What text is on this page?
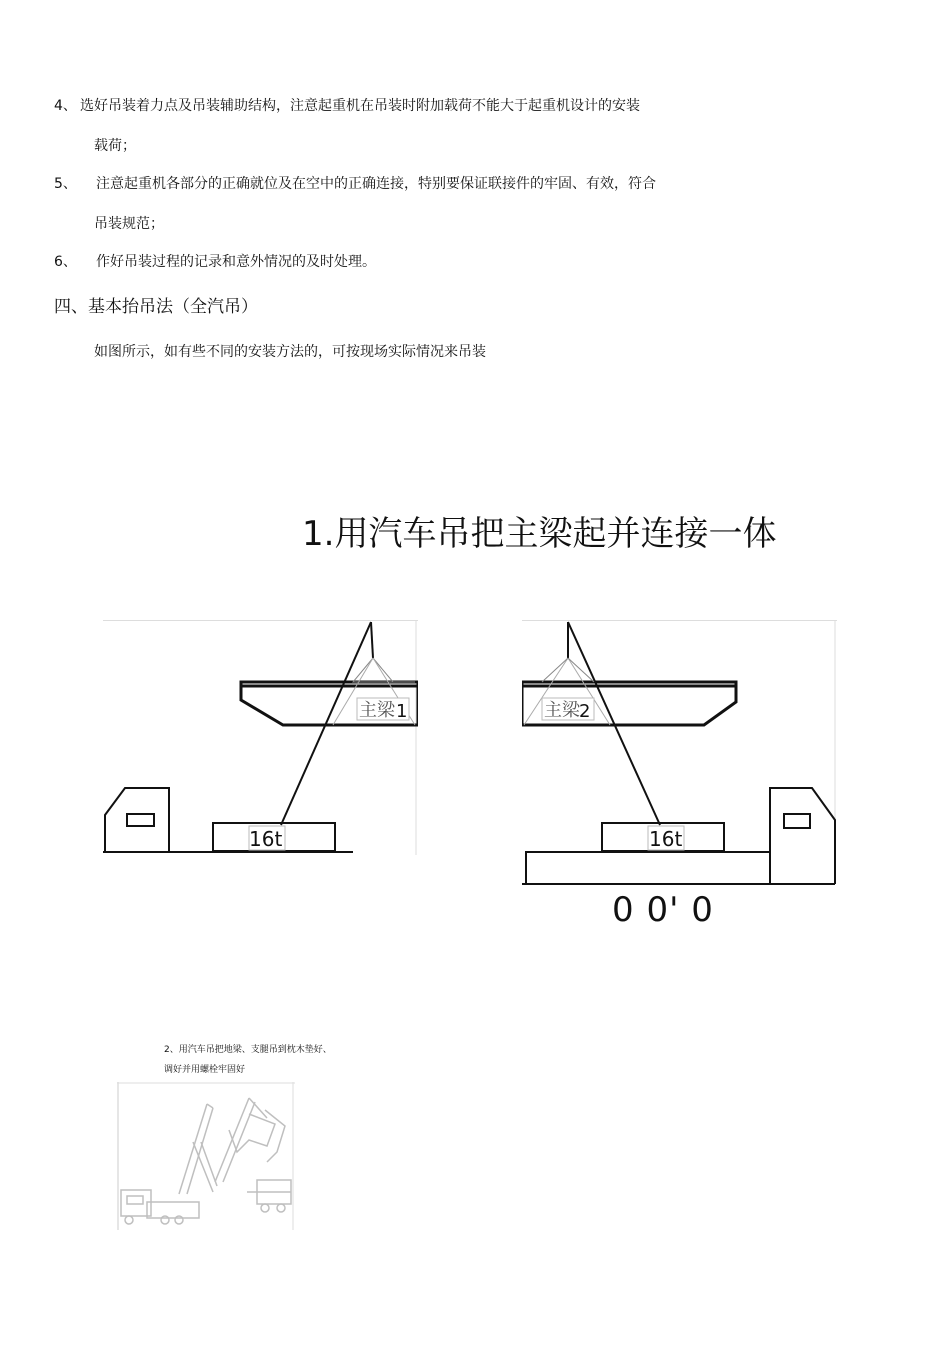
4、 选好吊装着力点及吊装辅助结构，注意起重机在吊装时附加载荷不能大于起重机设计的安装
载荷；
5、 注意起重机各部分的正确就位及在空中的正确连接，特别要保证联接件的牢固、有效，符合
吊装规范；
6、 作好吊装过程的记录和意外情况的及时处理。
四、基本抬吊法（全汽吊）
如图所示，如有些不同的安装方法的，可按现场实际情况来吊装
1.用汽车吊把主梁起并连接一体
主梁 1
16t
主梁 2
16t
0 0' 0
2、用汽车吊把地梁、支腿吊到枕木垫好、调好并用螺栓牢固好
